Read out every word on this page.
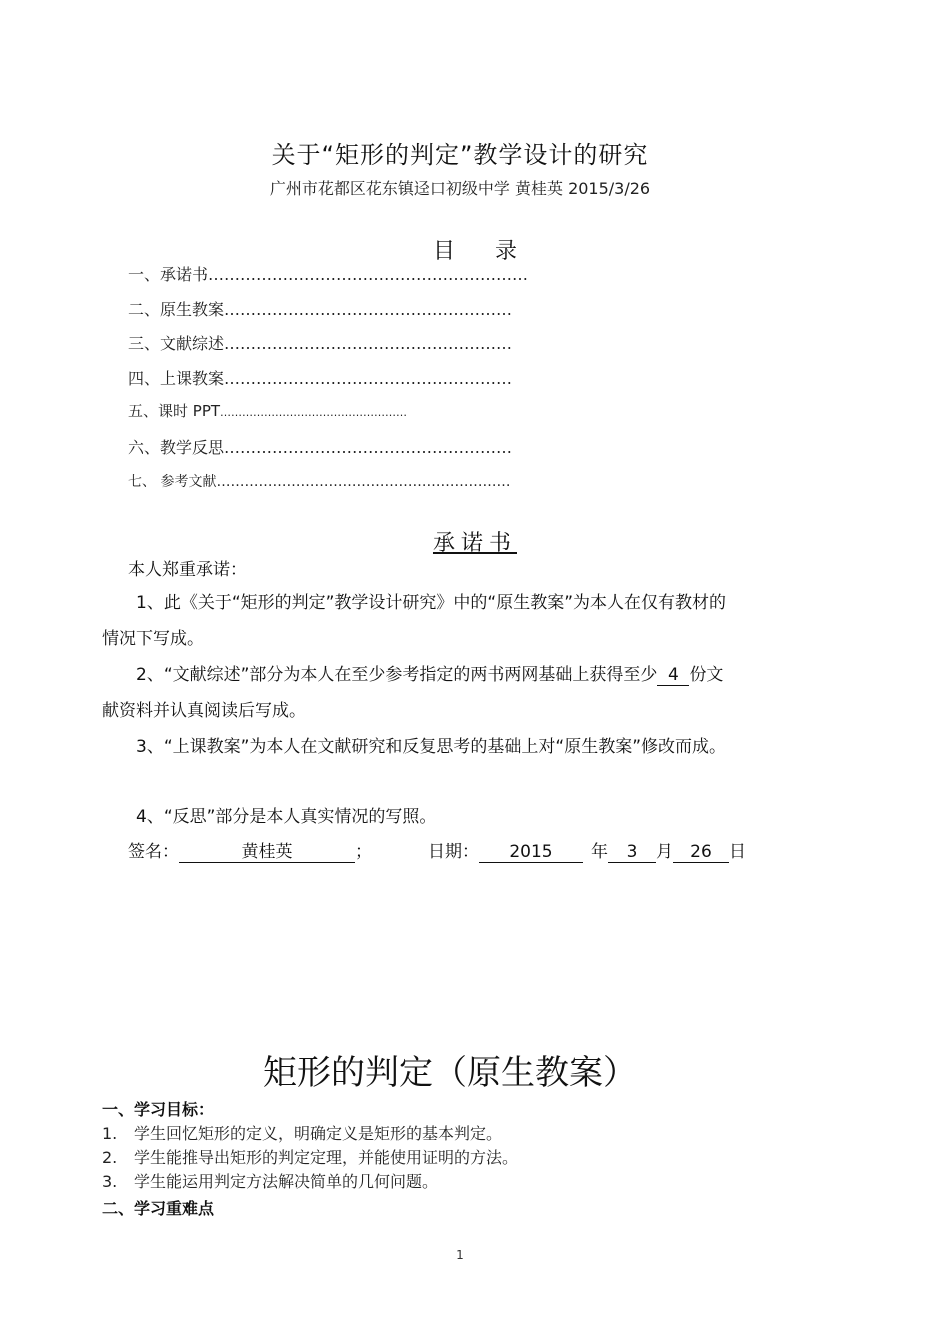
关于“矩形的判定”教学设计的研究
广州市花都区花东镇迳口初级中学 黄桂英 2015/3/26
目 录
一、承诺书……………………………………………………
二、原生教案………………………………………………
三、文献综述………………………………………………
四、上课教案………………………………………………
五、课时 PPT……………………………………………
六、教学反思………………………………………………
七、 参考文献………………………………………………………
承诺书
本人郑重承诺：
1、此《关于“矩形的判定”教学设计研究》中的“原生教案”为本人在仅有教材的
情况下写成。
2、“文献综述”部分为本人在至少参考指定的两书两网基础上获得至少 4 份文
献资料并认真阅读后写成。
3、“上课教案”为本人在文献研究和反复思考的基础上对“原生教案”修改而成。
4、“反思”部分是本人真实情况的写照。
签名：	黄桂英	；	日期： 2015 年 3 月 26 日
矩形的判定（原生教案）
一、学习目标：
1. 学生回忆矩形的定义，明确定义是矩形的基本判定。
2. 学生能推导出矩形的判定定理，并能使用证明的方法。
3. 学生能运用判定方法解决简单的几何问题。
二、学习重难点
1
